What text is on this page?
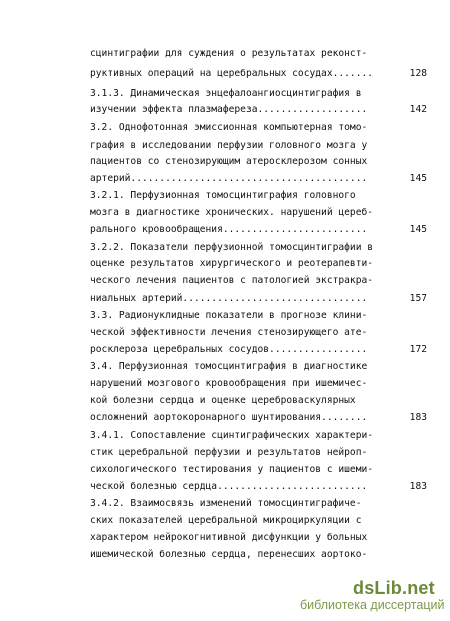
сцинтиграфии для суждения о результатах реконст-
руктивных операций на церебральных сосудах.......	128
3.1.3. Динамическая энцефалоангиосцинтиграфия в
изучении эффекта плазмафереза...................	142
3.2. Однофотонная эмиссионная компьютерная томо-
графия в исследовании перфузии головного мозга у
пациентов со стенозирующим атеросклерозом сонных
артерий.........................................	145
3.2.1. Перфузионная томосцинтиграфия головного
мозга в диагностике хронических. нарушений цереб-
рального кровообращения.........................	145
3.2.2. Показатели перфузионной томосцинтиграфии в
оценке результатов хирургического и реотерапевти-
ческого лечения пациентов с патологией экстракра-
ниальных артерий................................	157
3.3. Радионуклидные показатели в прогнозе клини-
ческой эффективности лечения стенозирующего ате-
росклероза церебральных сосудов.................	172
3.4. Перфузионная томосцинтиграфия в диагностике
нарушений мозгового кровообращения при ишемичес-
кой болезни сердца и оценке цереброваскулярных
осложнений аортокоронарного шунтирования........	183
3.4.1. Сопоставление сцинтиграфических характери-
стик церебральной перфузии и результатов нейроп-
сихологического тестирования у пациентов с ишеми-
ческой болезнью сердца..........................	183
3.4.2. Взаимосвязь изменений томосцинтиграфиче-
ских показателей церебральной микроциркуляции с
характером нейрокогнитивной дисфункции у больных
ишемической болезнью сердца, перенесших аортоко-
dsLib.net
библиотека диссертаций
